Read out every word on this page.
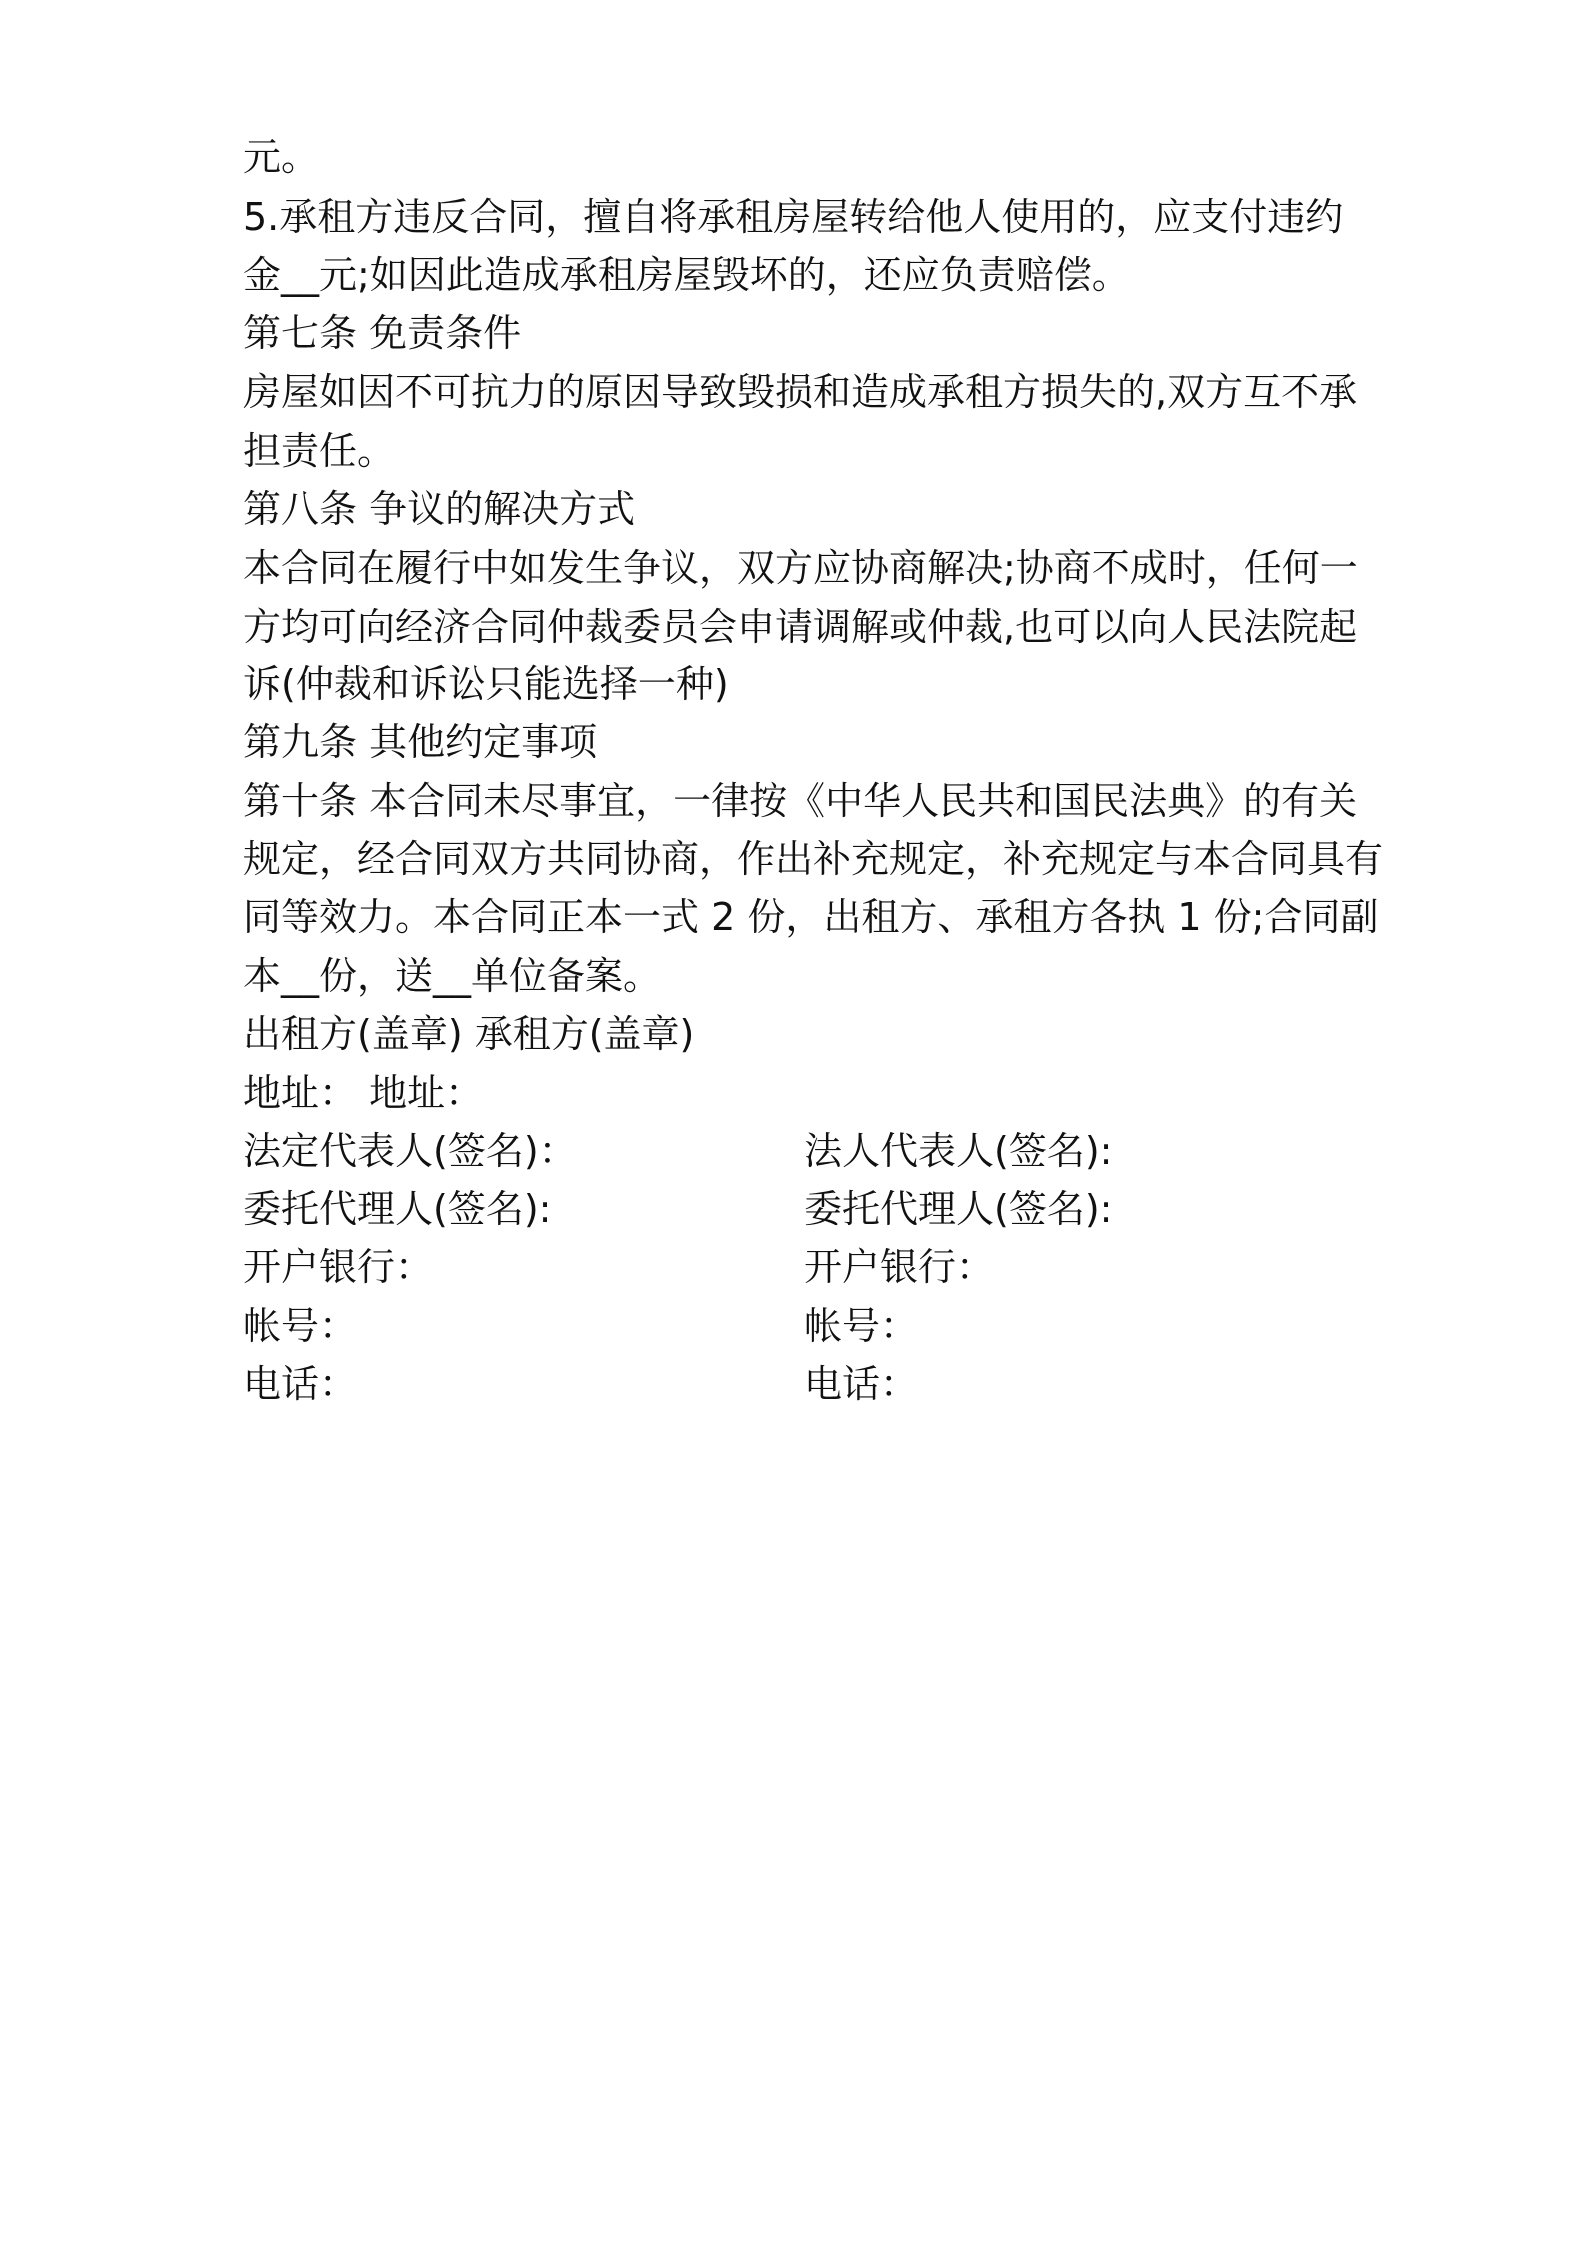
元。
5.承租方违反合同，擅自将承租房屋转给他人使用的，应支付违约
金__元;如因此造成承租房屋毁坏的，还应负责赔偿。
第七条 免责条件
房屋如因不可抗力的原因导致毁损和造成承租方损失的,双方互不承
担责任。
第八条 争议的解决方式
本合同在履行中如发生争议，双方应协商解决;协商不成时，任何一
方均可向经济合同仲裁委员会申请调解或仲裁,也可以向人民法院起
诉(仲裁和诉讼只能选择一种)
第九条 其他约定事项
第十条 本合同未尽事宜，一律按《中华人民共和国民法典》的有关
规定，经合同双方共同协商，作出补充规定，补充规定与本合同具有
同等效力。本合同正本一式 2 份，出租方、承租方各执 1 份;合同副
本__份，送__单位备案。
出租方(盖章) 承租方(盖章)
地址： 地址：
法定代表人(签名)：	法人代表人(签名):
委托代理人(签名):	委托代理人(签名):
开户银行：	开户银行：
帐号：	帐号：
电话：	电话：
